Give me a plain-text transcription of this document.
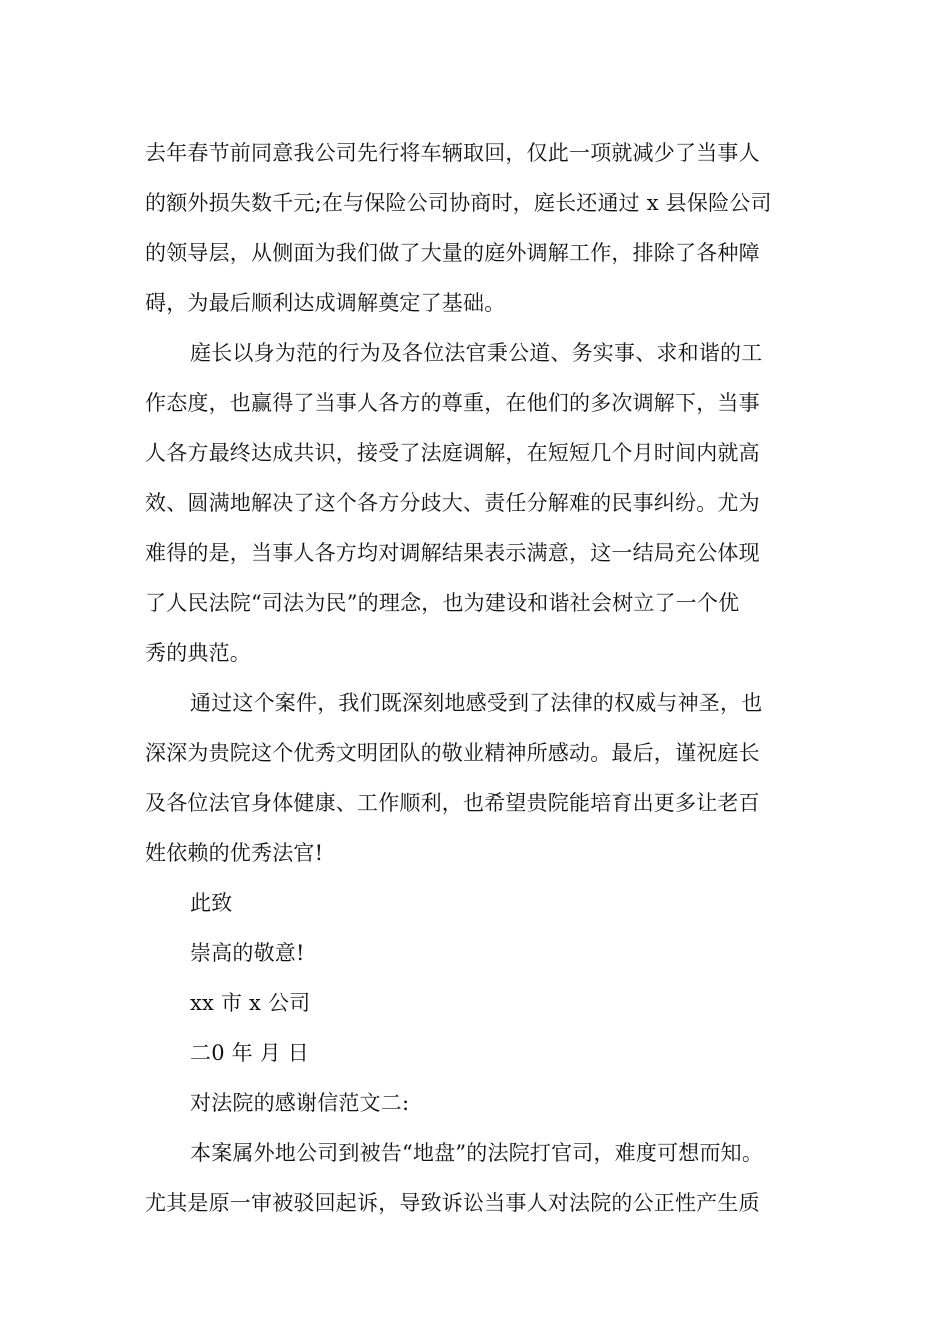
去年春节前同意我公司先行将车辆取回，仅此一项就减少了当事人
的额外损失数千元;在与保险公司协商时，庭长还通过 x 县保险公司
的领导层，从侧面为我们做了大量的庭外调解工作，排除了各种障
碍，为最后顺利达成调解奠定了基础。
庭长以身为范的行为及各位法官秉公道、务实事、求和谐的工
作态度，也赢得了当事人各方的尊重，在他们的多次调解下，当事
人各方最终达成共识，接受了法庭调解，在短短几个月时间内就高
效、圆满地解决了这个各方分歧大、责任分解难的民事纠纷。尤为
难得的是，当事人各方均对调解结果表示满意，这一结局充公体现
了人民法院“司法为民”的理念，也为建设和谐社会树立了一个优
秀的典范。
通过这个案件，我们既深刻地感受到了法律的权威与神圣，也
深深为贵院这个优秀文明团队的敬业精神所感动。最后，谨祝庭长
及各位法官身体健康、工作顺利，也希望贵院能培育出更多让老百
姓依赖的优秀法官!
此致
崇高的敬意!
xx 市 x 公司
二0 年 月 日
对法院的感谢信范文二:
本案属外地公司到被告“地盘”的法院打官司，难度可想而知。
尤其是原一审被驳回起诉，导致诉讼当事人对法院的公正性产生质
